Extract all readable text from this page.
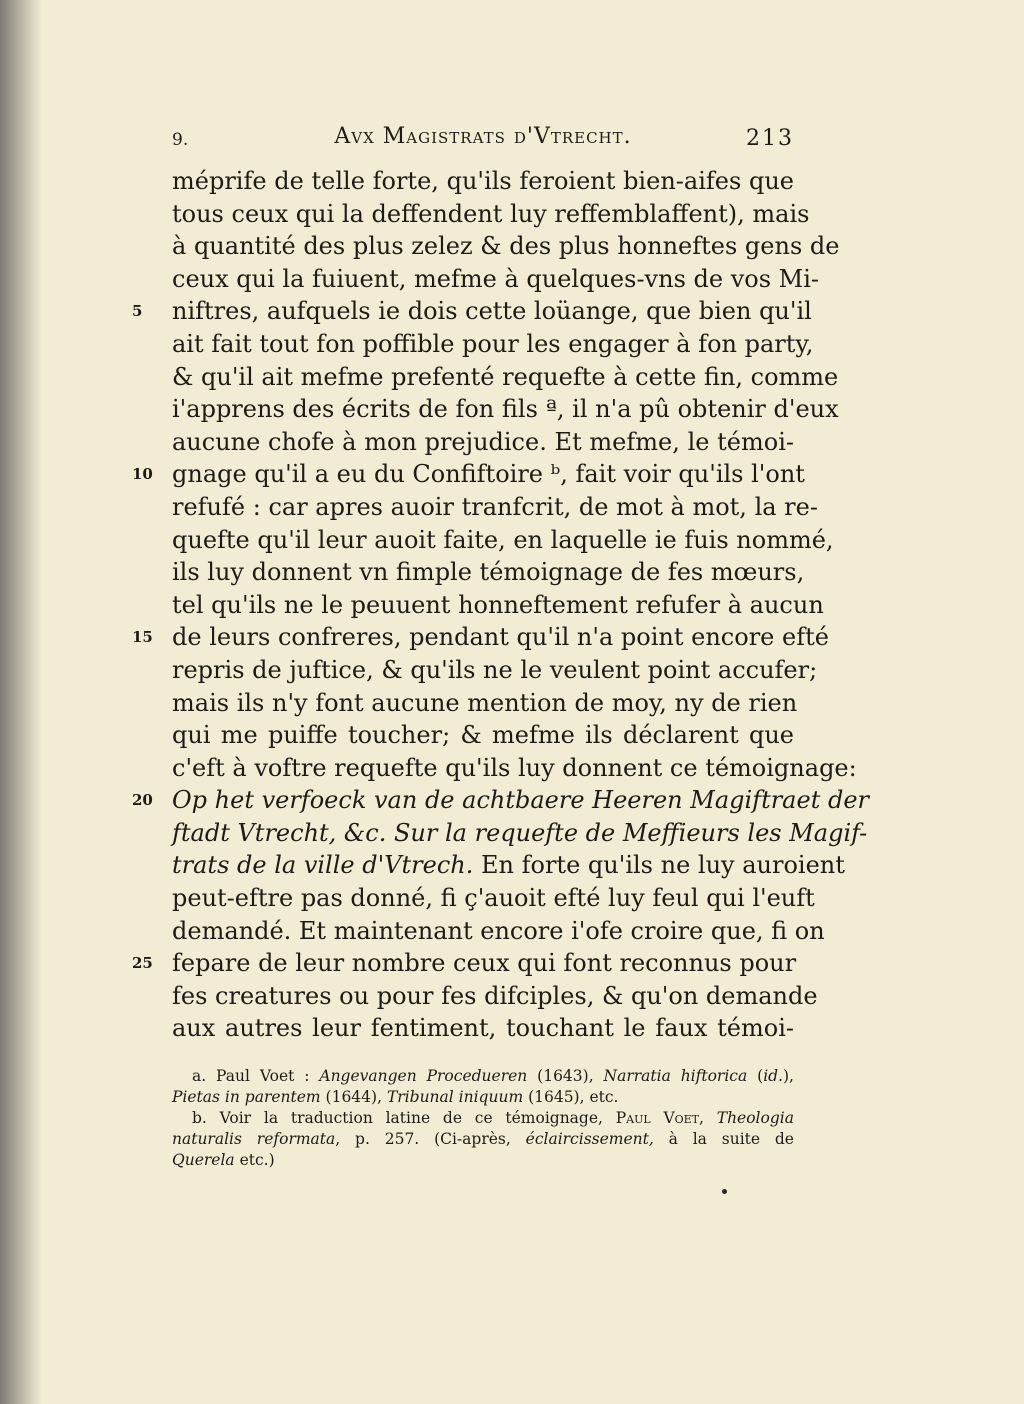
9.	Avx Magistrats d'Vtrecht.	213
méprife de telle forte, qu'ils feroient bien-aifes que
tous ceux qui la deffendent luy reffemblaffent), mais
à quantité des plus zelez & des plus honneftes gens de
ceux qui la fuiuent, mefme à quelques-vns de vos Mi-
5	niftres, aufquels ie dois cette loüange, que bien qu'il
ait fait tout fon poffible pour les engager à fon party,
& qu'il ait mefme prefenté requefte à cette fin, comme
i'apprens des écrits de fon fils ª, il n'a pû obtenir d'eux
aucune chofe à mon prejudice. Et mefme, le témoi-
10 gnage qu'il a eu du Confiftoire ᵇ, fait voir qu'ils l'ont
refufé : car apres auoir tranfcrit, de mot à mot, la re-
quefte qu'il leur auoit faite, en laquelle ie fuis nommé,
ils luy donnent vn fimple témoignage de fes mœurs,
tel qu'ils ne le peuuent honneftement refufer à aucun
15 de leurs confreres, pendant qu'il n'a point encore efté
repris de juftice, & qu'ils ne le veulent point accufer;
mais ils n'y font aucune mention de moy, ny de rien
qui me puiffe toucher; & mefme ils déclarent que
c'eft à voftre requefte qu'ils luy donnent ce témoignage:
20 Op het verfoeck van de achtbaere Heeren Magiftraet der
ftadt Vtrecht, &c. Sur la requefte de Meffieurs les Magif-
trats de la ville d'Vtrech. En forte qu'ils ne luy auroient
peut-eftre pas donné, fi ç'auoit efté luy feul qui l'euft
demandé. Et maintenant encore i'ofe croire que, fi on
25 fepare de leur nombre ceux qui font reconnus pour
fes creatures ou pour fes difciples, & qu'on demande
aux autres leur fentiment, touchant le faux témoi-
a. Paul Voet : Angevangen Procedueren (1643), Narratia hiftorica (id.),
Pietas in parentem (1644), Tribunal iniquum (1645), etc.
b. Voir la traduction latine de ce témoignage, Paul Voet, Theologia
naturalis reformata, p. 257. (Ci-après, éclaircissement, à la suite de
Querela etc.)
